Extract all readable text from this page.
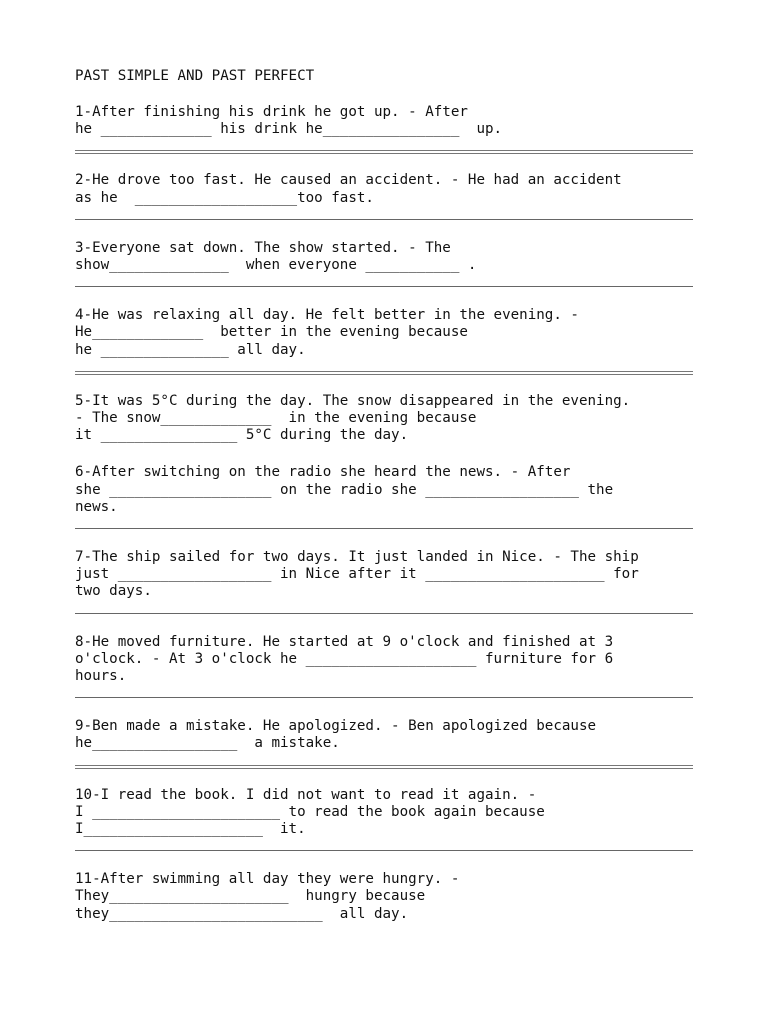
PAST SIMPLE AND PAST PERFECT
1-After finishing his drink he got up. - After
he _____________ his drink he________________  up.
2-He drove too fast. He caused an accident. - He had an accident
as he  ___________________too fast.
3-Everyone sat down. The show started. - The
show______________  when everyone ___________ .
4-He was relaxing all day. He felt better in the evening. -
He_____________  better in the evening because
he _______________ all day.
5-It was 5°C during the day. The snow disappeared in the evening.
- The snow_____________  in the evening because
it ________________ 5°C during the day.
6-After switching on the radio she heard the news. - After
she ___________________ on the radio she __________________ the
news.
7-The ship sailed for two days. It just landed in Nice. - The ship
just __________________ in Nice after it _____________________ for
two days.
8-He moved furniture. He started at 9 o'clock and finished at 3
o'clock. - At 3 o'clock he ____________________ furniture for 6
hours.
9-Ben made a mistake. He apologized. - Ben apologized because
he_________________  a mistake.
10-I read the book. I did not want to read it again. -
I ______________________ to read the book again because
I_____________________  it.
11-After swimming all day they were hungry. -
They_____________________  hungry because
they_________________________  all day.
